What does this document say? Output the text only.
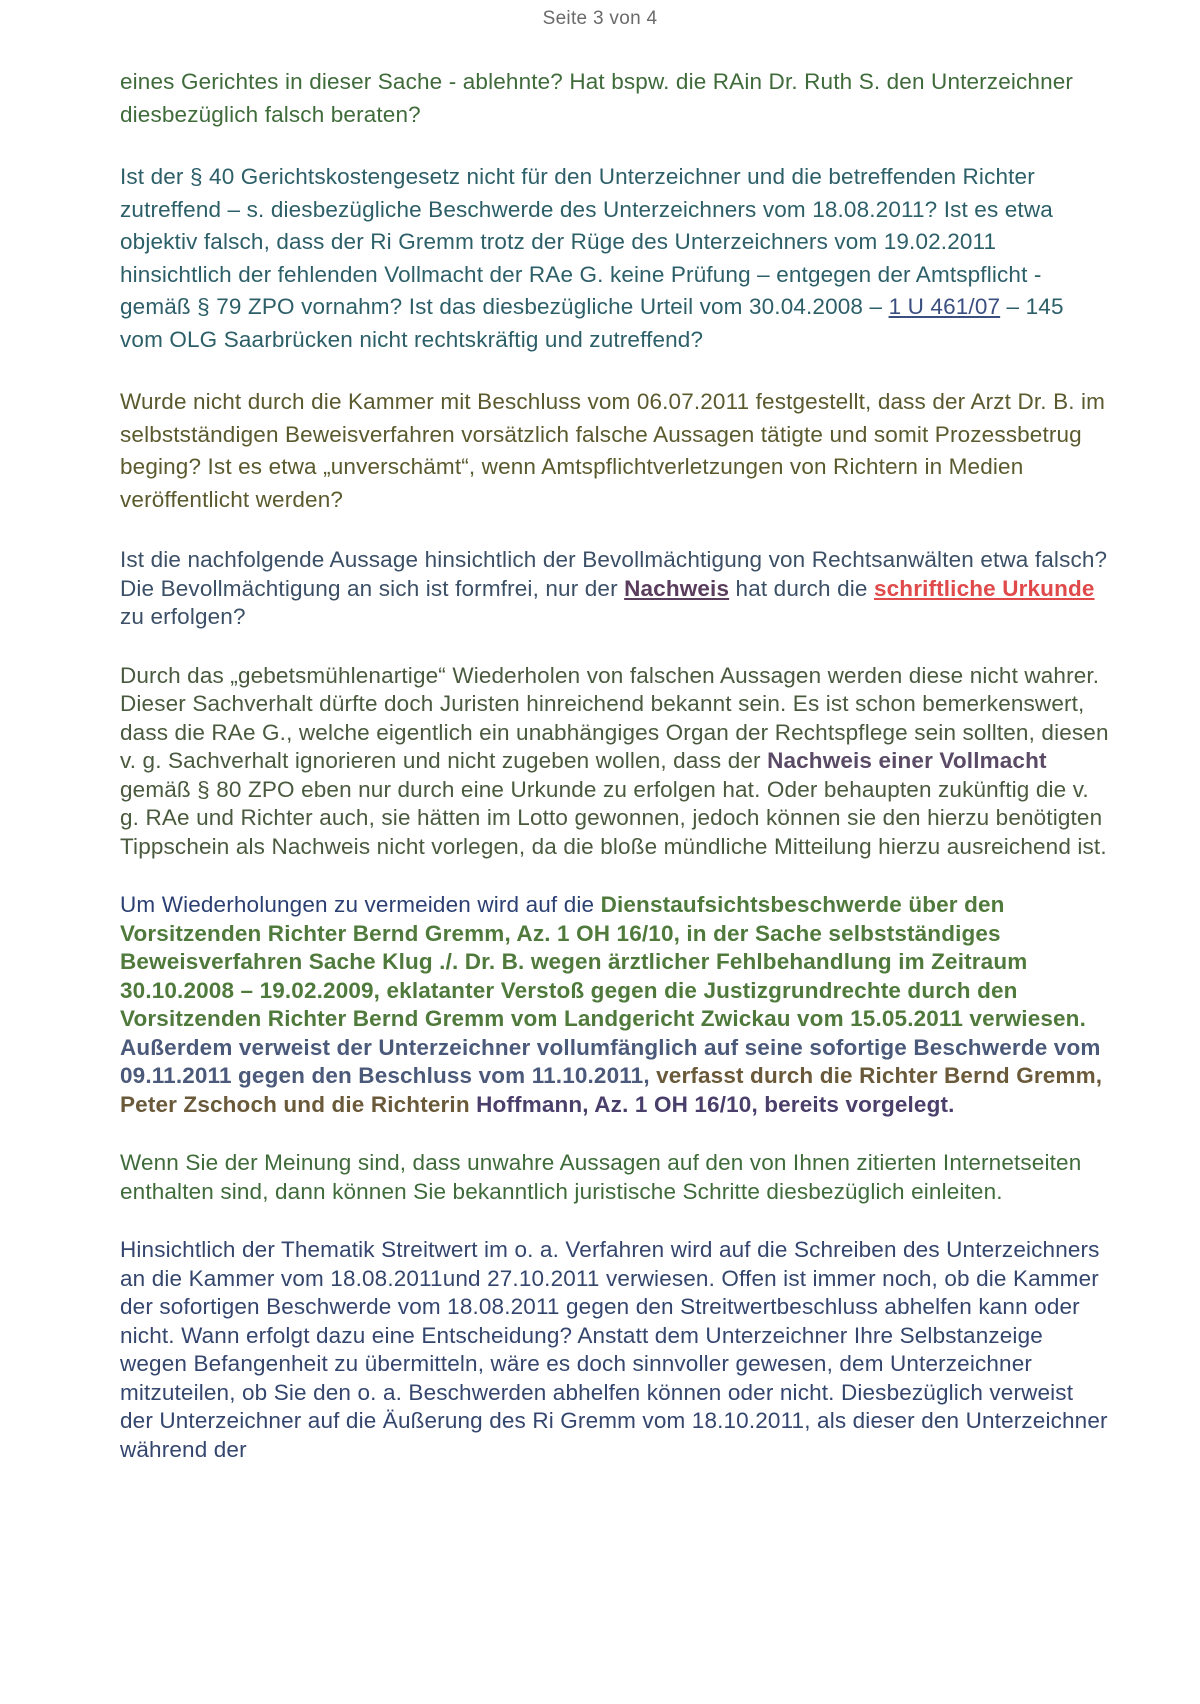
Seite 3 von 4

eines Gerichtes in dieser Sache - ablehnte? Hat bspw. die RAin Dr. Ruth S. den Unterzeichner diesbezüglich falsch beraten?

Ist der § 40 Gerichtskostengesetz nicht für den Unterzeichner und die betreffenden Richter zutreffend – s. diesbezügliche Beschwerde des Unterzeichners vom 18.08.2011? Ist es etwa objektiv falsch, dass der Ri Gremm trotz der Rüge des Unterzeichners vom 19.02.2011 hinsichtlich der fehlenden Vollmacht der RAe G. keine Prüfung – entgegen der Amtspflicht - gemäß § 79 ZPO vornahm? Ist das diesbezügliche Urteil vom 30.04.2008 – 1 U 461/07 – 145 vom OLG Saarbrücken nicht rechtskräftig und zutreffend?

Wurde nicht durch die Kammer mit Beschluss vom 06.07.2011 festgestellt, dass der Arzt Dr. B. im selbstständigen Beweisverfahren vorsätzlich falsche Aussagen tätigte und somit Prozessbetrug beging? Ist es etwa „unverschämt“, wenn Amtspflichtverletzungen von Richtern in Medien veröffentlicht werden?

Ist die nachfolgende Aussage hinsichtlich der Bevollmächtigung von Rechtsanwälten etwa falsch? Die Bevollmächtigung an sich ist formfrei, nur der Nachweis hat durch die schriftliche Urkunde zu erfolgen?

Durch das „gebetsmühlenartige“ Wiederholen von falschen Aussagen werden diese nicht wahrer. Dieser Sachverhalt dürfte doch Juristen hinreichend bekannt sein. Es ist schon bemerkenswert, dass die RAe G., welche eigentlich ein unabhängiges Organ der Rechtspflege sein sollten, diesen v. g. Sachverhalt ignorieren und nicht zugeben wollen, dass der Nachweis einer Vollmacht gemäß § 80 ZPO eben nur durch eine Urkunde zu erfolgen hat. Oder behaupten zukünftig die v. g. RAe und Richter auch, sie hätten im Lotto gewonnen, jedoch können sie den hierzu benötigten Tippschein als Nachweis nicht vorlegen, da die bloße mündliche Mitteilung hierzu ausreichend ist.

Um Wiederholungen zu vermeiden wird auf die Dienstaufsichtsbeschwerde über den Vorsitzenden Richter Bernd Gremm, Az. 1 OH 16/10, in der Sache selbstständiges Beweisverfahren Sache Klug ./. Dr. B. wegen ärztlicher Fehlbehandlung im Zeitraum 30.10.2008 – 19.02.2009, eklatanter Verstoß gegen die Justizgrundrechte durch den Vorsitzenden Richter Bernd Gremm vom Landgericht Zwickau vom 15.05.2011 verwiesen. Außerdem verweist der Unterzeichner vollumfänglich auf seine sofortige Beschwerde vom 09.11.2011 gegen den Beschluss vom 11.10.2011, verfasst durch die Richter Bernd Gremm, Peter Zschoch und die Richterin Hoffmann, Az. 1 OH 16/10, bereits vorgelegt.

Wenn Sie der Meinung sind, dass unwahre Aussagen auf den von Ihnen zitierten Internetseiten enthalten sind, dann können Sie bekanntlich juristische Schritte diesbezüglich einleiten.

Hinsichtlich der Thematik Streitwert im o. a. Verfahren wird auf die Schreiben des Unterzeichners an die Kammer vom 18.08.2011und 27.10.2011 verwiesen. Offen ist immer noch, ob die Kammer der sofortigen Beschwerde vom 18.08.2011 gegen den Streitwertbeschluss abhelfen kann oder nicht. Wann erfolgt dazu eine Entscheidung? Anstatt dem Unterzeichner Ihre Selbstanzeige wegen Befangenheit zu übermitteln, wäre es doch sinnvoller gewesen, dem Unterzeichner mitzuteilen, ob Sie den o. a. Beschwerden abhelfen können oder nicht. Diesbezüglich verweist der Unterzeichner auf die Äußerung des Ri Gremm vom 18.10.2011, als dieser den Unterzeichner während der
